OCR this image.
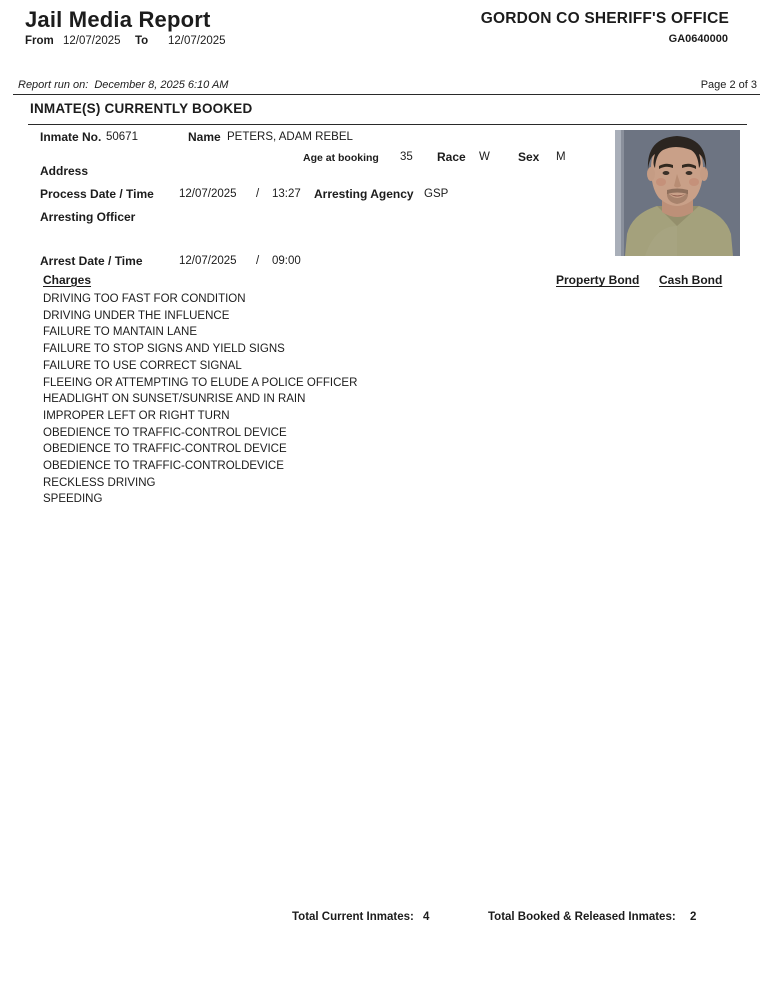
Jail Media Report
From 12/07/2025 To 12/07/2025
GORDON CO SHERIFF'S OFFICE
GA0640000
Report run on: December 8, 2025 6:10 AM	Page 2 of 3
INMATE(S) CURRENTLY BOOKED
Inmate No. 50671	Name PETERS, ADAM REBEL
Age at booking 35 Race W Sex M
Address
Process Date / Time 12/07/2025 / 13:27 Arresting Agency GSP
Arresting Officer
Arrest Date / Time	12/07/2025 / 09:00
Charges	Property Bond Cash Bond
DRIVING TOO FAST FOR CONDITION
DRIVING UNDER THE INFLUENCE
FAILURE TO MANTAIN LANE
FAILURE TO STOP SIGNS AND YIELD SIGNS
FAILURE TO USE CORRECT SIGNAL
FLEEING OR ATTEMPTING TO ELUDE A POLICE OFFICER
HEADLIGHT ON SUNSET/SUNRISE AND IN RAIN
IMPROPER LEFT OR RIGHT TURN
OBEDIENCE TO TRAFFIC-CONTROL DEVICE
OBEDIENCE TO TRAFFIC-CONTROL DEVICE
OBEDIENCE TO TRAFFIC-CONTROLDEVICE
RECKLESS DRIVING
SPEEDING
Total Current Inmates: 4	Total Booked & Released Inmates: 2
